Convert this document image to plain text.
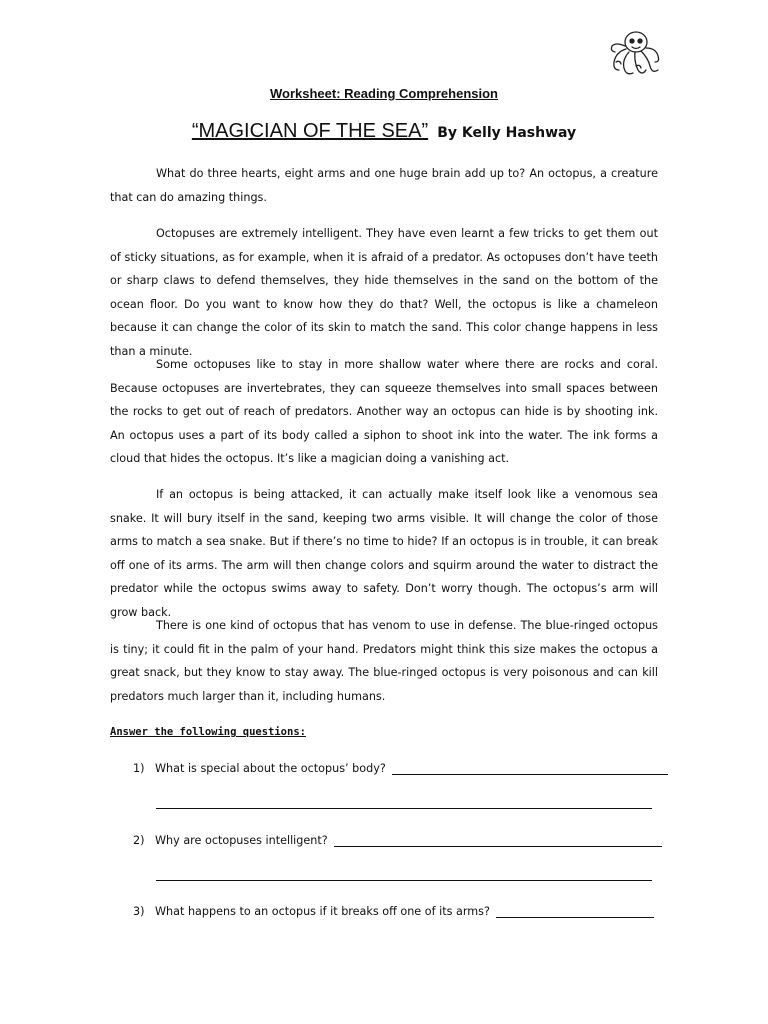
Worksheet: Reading Comprehension
“MAGICIAN OF THE SEA” By Kelly Hashway

What do three hearts, eight arms and one huge brain add up to? An octopus, a creature that can do amazing things.

Octopuses are extremely intelligent. They have even learnt a few tricks to get them out of sticky situations, as for example, when it is afraid of a predator. As octopuses don’t have teeth or sharp claws to defend themselves, they hide themselves in the sand on the bottom of the ocean floor. Do you want to know how they do that? Well, the octopus is like a chameleon because it can change the color of its skin to match the sand. This color change happens in less than a minute.

Some octopuses like to stay in more shallow water where there are rocks and coral. Because octopuses are invertebrates, they can squeeze themselves into small spaces between the rocks to get out of reach of predators. Another way an octopus can hide is by shooting ink. An octopus uses a part of its body called a siphon to shoot ink into the water. The ink forms a cloud that hides the octopus. It’s like a magician doing a vanishing act.

If an octopus is being attacked, it can actually make itself look like a venomous sea snake. It will bury itself in the sand, keeping two arms visible. It will change the color of those arms to match a sea snake. But if there’s no time to hide? If an octopus is in trouble, it can break off one of its arms. The arm will then change colors and squirm around the water to distract the predator while the octopus swims away to safety. Don’t worry though. The octopus’s arm will grow back.

There is one kind of octopus that has venom to use in defense. The blue-ringed octopus is tiny; it could fit in the palm of your hand. Predators might think this size makes the octopus a great snack, but they know to stay away. The blue-ringed octopus is very poisonous and can kill predators much larger than it, including humans.

Answer the following questions:
1) What is special about the octopus’ body?
2) Why are octopuses intelligent?
3) What happens to an octopus if it breaks off one of its arms?
